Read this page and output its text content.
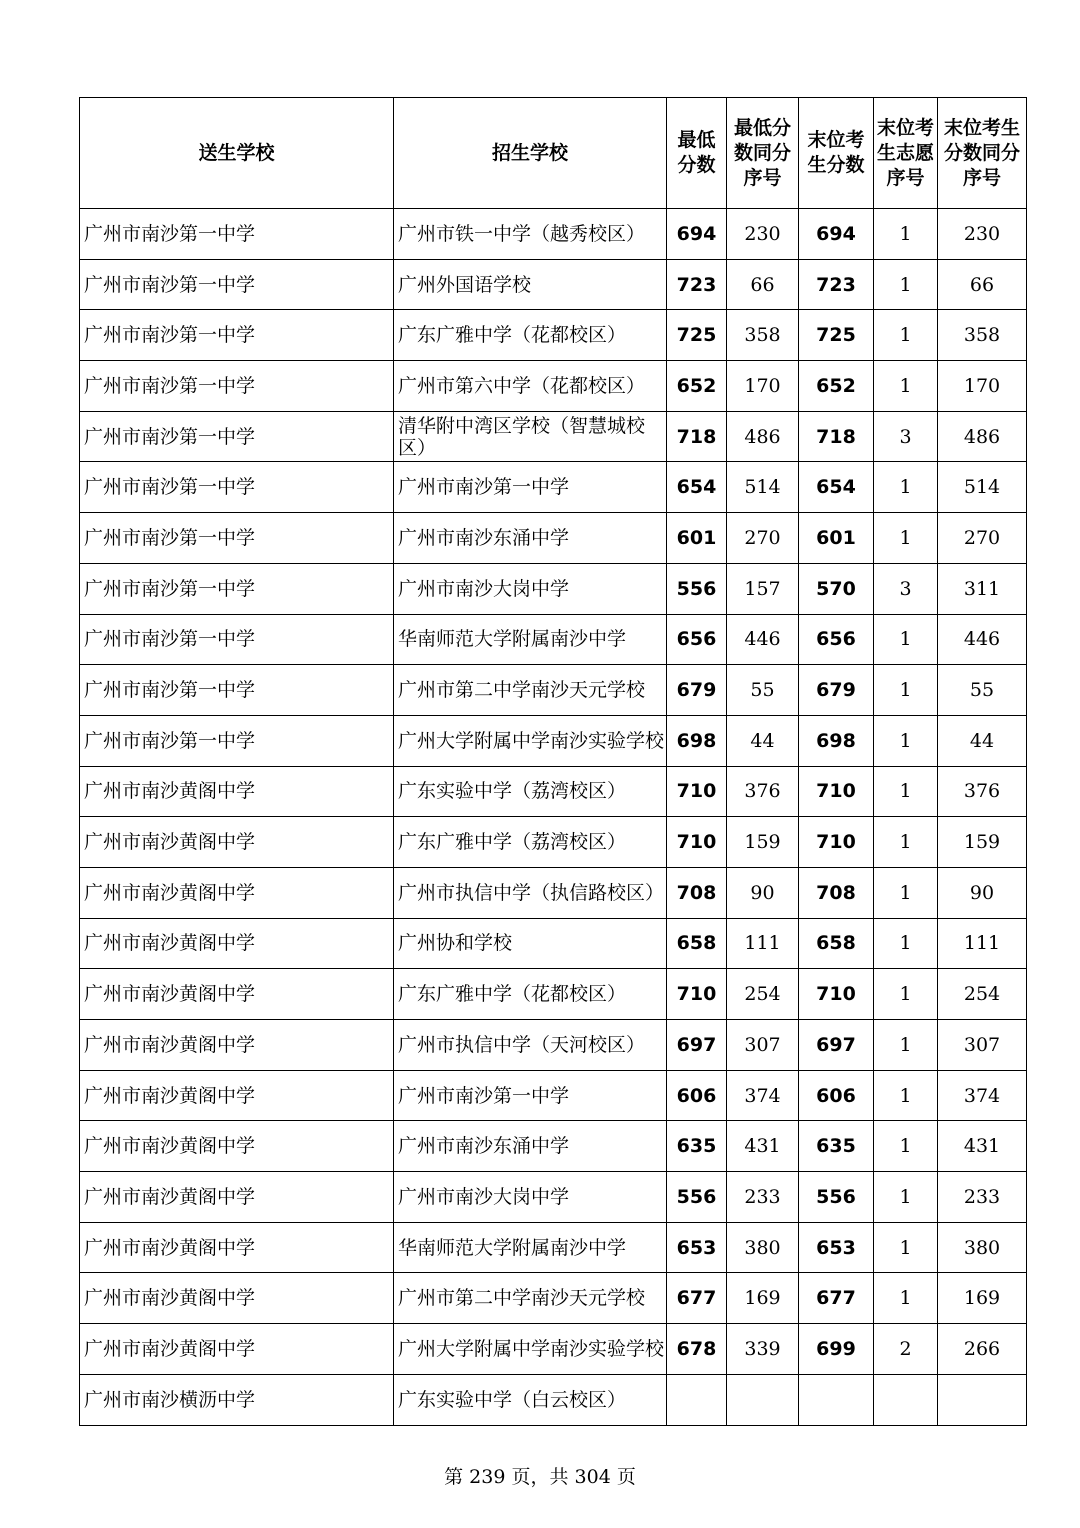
送生学校	招生学校	最低分数	最低分数同分序号	末位考生分数	末位考生志愿序号	末位考生分数同分序号
广州市南沙第一中学	广州市铁一中学（越秀校区）	694	230	694	1	230
广州市南沙第一中学	广州外国语学校	723	66	723	1	66
广州市南沙第一中学	广东广雅中学（花都校区）	725	358	725	1	358
广州市南沙第一中学	广州市第六中学（花都校区）	652	170	652	1	170
广州市南沙第一中学	清华附中湾区学校（智慧城校区）	718	486	718	3	486
广州市南沙第一中学	广州市南沙第一中学	654	514	654	1	514
广州市南沙第一中学	广州市南沙东涌中学	601	270	601	1	270
广州市南沙第一中学	广州市南沙大岗中学	556	157	570	3	311
广州市南沙第一中学	华南师范大学附属南沙中学	656	446	656	1	446
广州市南沙第一中学	广州市第二中学南沙天元学校	679	55	679	1	55
广州市南沙第一中学	广州大学附属中学南沙实验学校	698	44	698	1	44
广州市南沙黄阁中学	广东实验中学（荔湾校区）	710	376	710	1	376
广州市南沙黄阁中学	广东广雅中学（荔湾校区）	710	159	710	1	159
广州市南沙黄阁中学	广州市执信中学（执信路校区）	708	90	708	1	90
广州市南沙黄阁中学	广州协和学校	658	111	658	1	111
广州市南沙黄阁中学	广东广雅中学（花都校区）	710	254	710	1	254
广州市南沙黄阁中学	广州市执信中学（天河校区）	697	307	697	1	307
广州市南沙黄阁中学	广州市南沙第一中学	606	374	606	1	374
广州市南沙黄阁中学	广州市南沙东涌中学	635	431	635	1	431
广州市南沙黄阁中学	广州市南沙大岗中学	556	233	556	1	233
广州市南沙黄阁中学	华南师范大学附属南沙中学	653	380	653	1	380
广州市南沙黄阁中学	广州市第二中学南沙天元学校	677	169	677	1	169
广州市南沙黄阁中学	广州大学附属中学南沙实验学校	678	339	699	2	266
广州市南沙横沥中学	广东实验中学（白云校区）					
第 239 页，共 304 页
